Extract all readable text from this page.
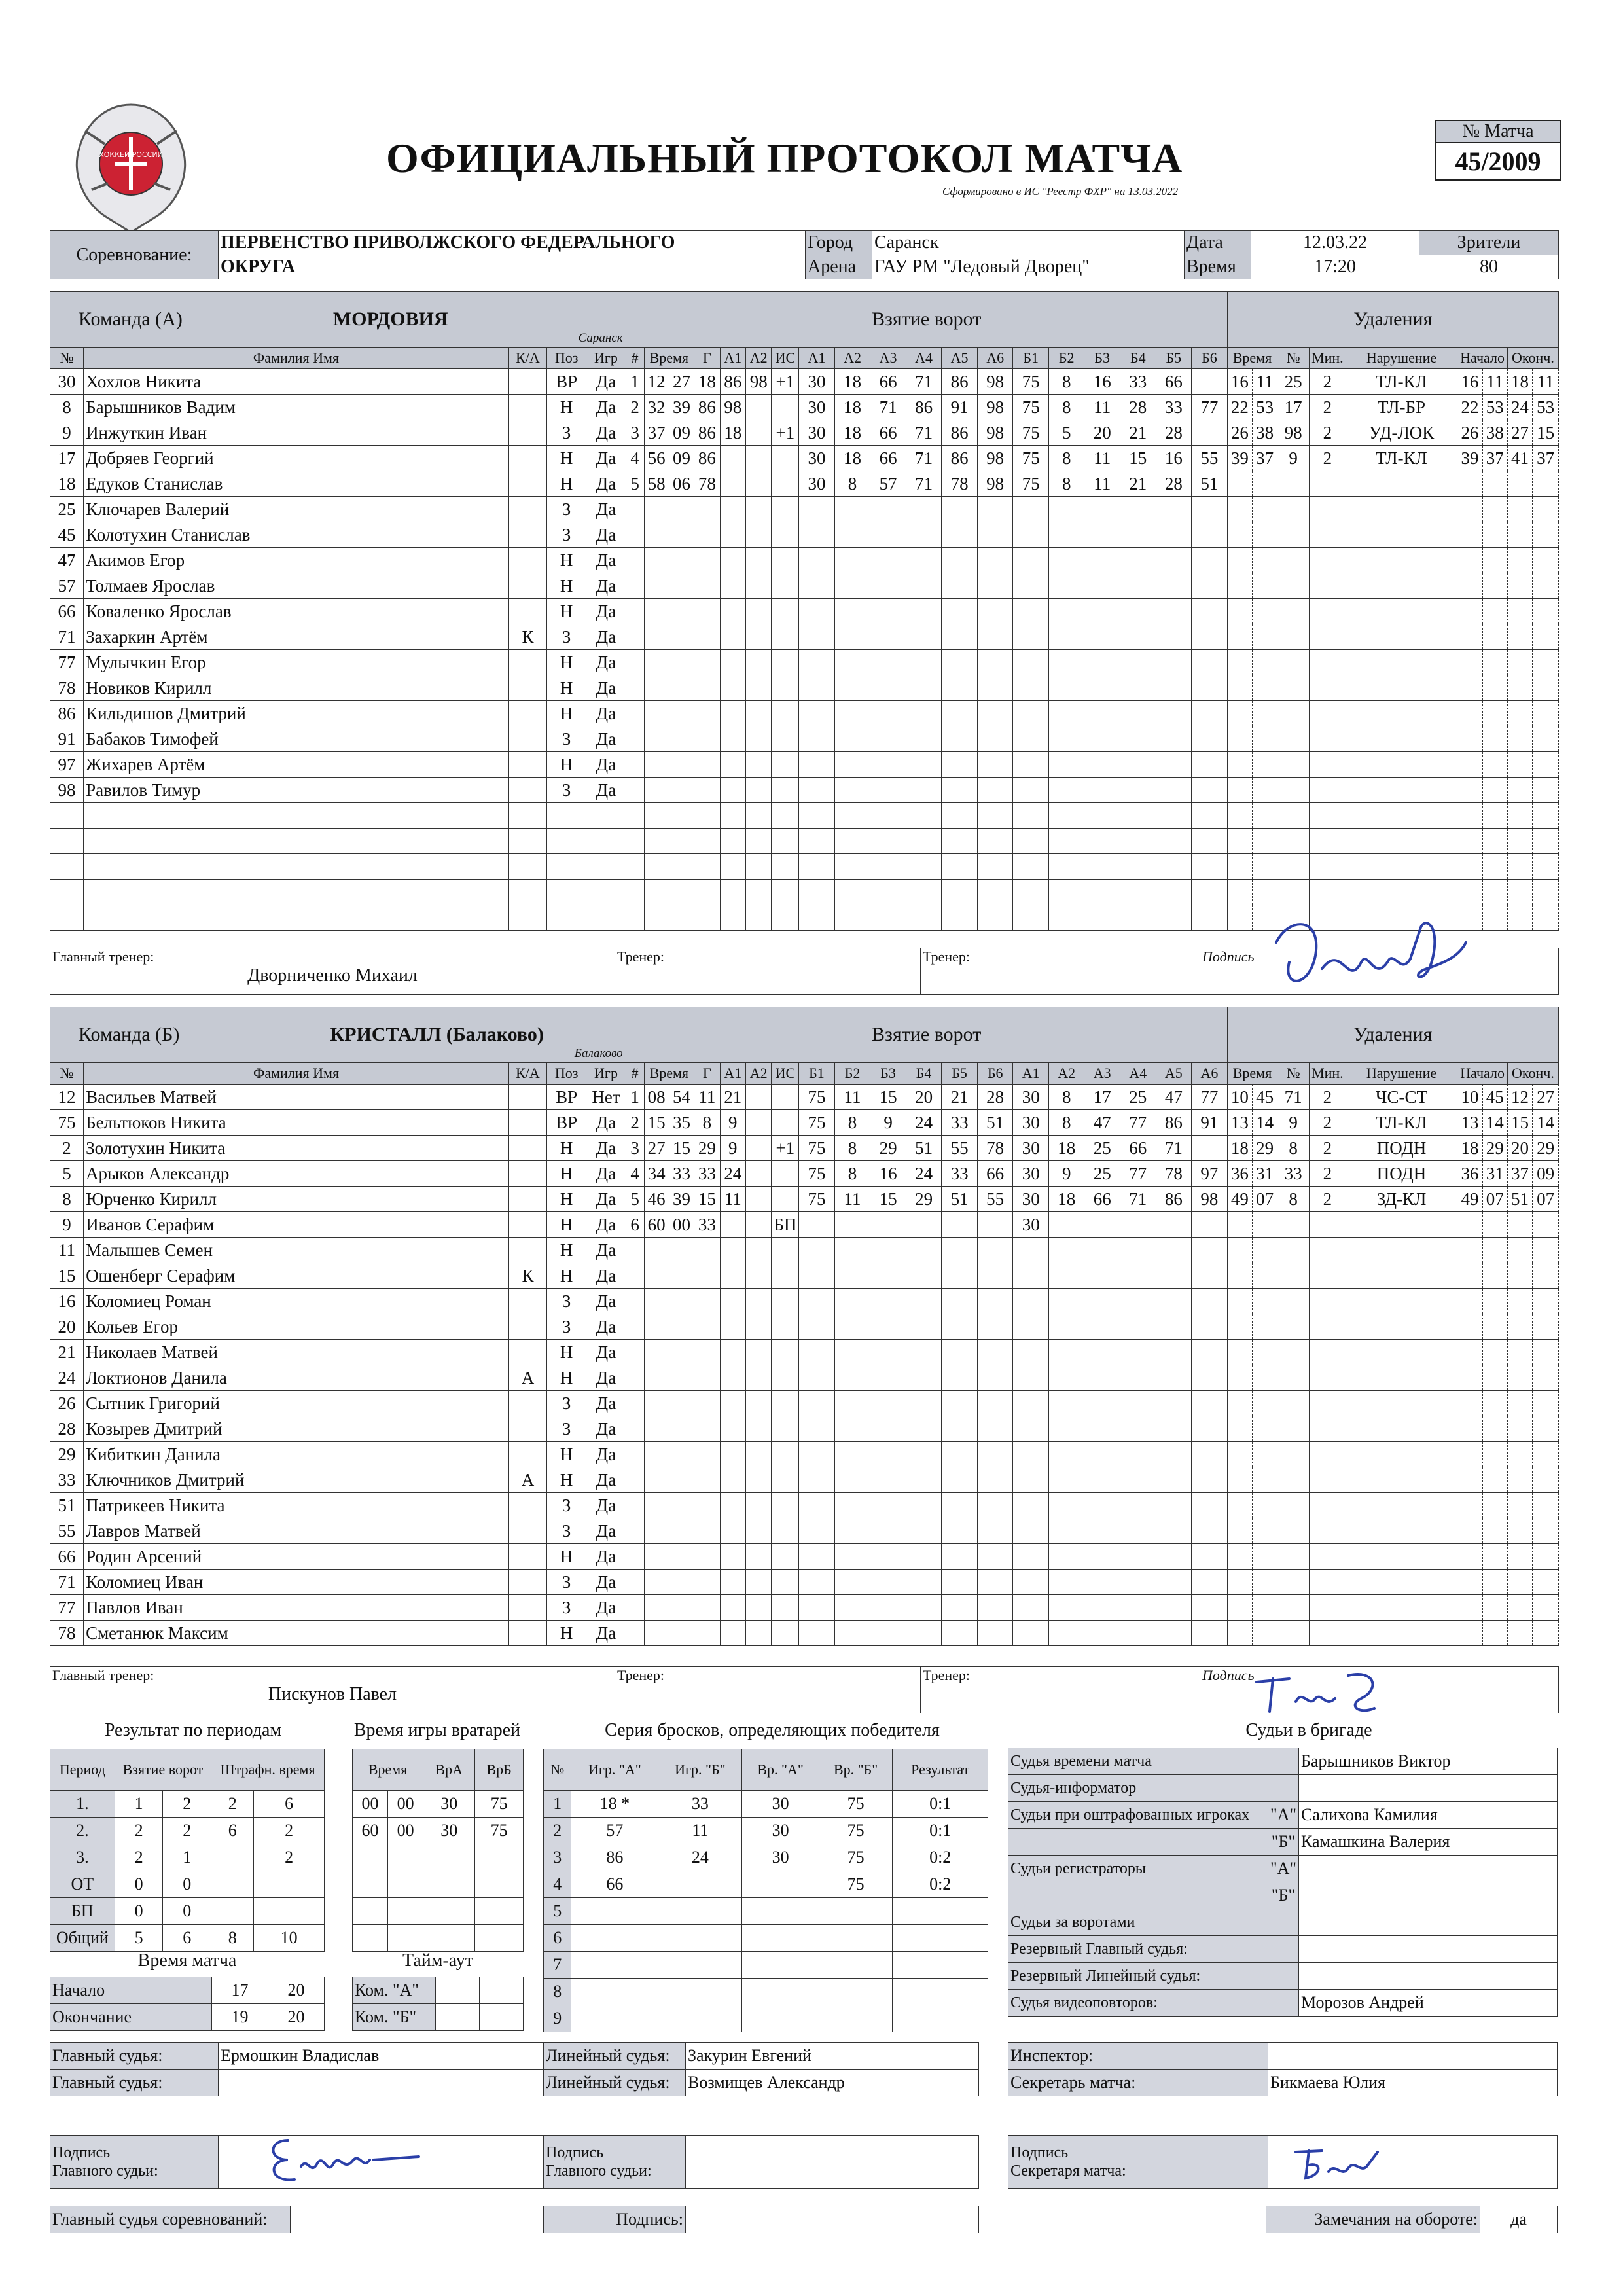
ХОККЕЙ РОССИИ	ОФИЦИАЛЬНЫЙ ПРОТОКОЛ МАТЧА
Сформировано в ИС "Реестр ФХР" на 13.03.2022
№ Матча
45/2009
Соревнование:	ПЕРВЕНСТВО ПРИВОЛЖСКОГО ФЕДЕРАЛЬНОГО	Город	Саранск	Дата	12.03.22	Зрители
	ОКРУГА	Арена	ГАУ РМ "Ледовый Дворец"	Время	17:20	80
Команда (А) МОРДОВИЯ
Саранск					Взятие ворот																			Удаления								
№	Фамилия Имя	К/А	Поз	Игр	#	Время		Г	А1	А2	ИС	А1	А2	А3	А4	А5	А6	Б1	Б2	Б3	Б4	Б5	Б6	Время		№	Мин.	Нарушение	Начало		Оконч.	
30	Хохлов Никита		ВР	Да	1	12	27	18	86	98	+1	30	18	66	71	86	98	75	8	16	33	66		16	11	25	2	ТЛ-КЛ	16	11	18	11
8	Барышников Вадим		Н	Да	2	32	39	86	98			30	18	71	86	91	98	75	8	11	28	33	77	22	53	17	2	ТЛ-БР	22	53	24	53
9	Инжуткин Иван		З	Да	3	37	09	86	18		+1	30	18	66	71	86	98	75	5	20	21	28		26	38	98	2	УД-ЛОК	26	38	27	15
17	Добряев Георгий		Н	Да	4	56	09	86				30	18	66	71	86	98	75	8	11	15	16	55	39	37	9	2	ТЛ-КЛ	39	37	41	37
18	Едуков Станислав		Н	Да	5	58	06	78				30	8	57	71	78	98	75	8	11	21	28	51									
25	Ключарев Валерий		З	Да																												
45	Колотухин Станислав		З	Да																												
47	Акимов Егор		Н	Да																												
57	Толмаев Ярослав		Н	Да																												
66	Коваленко Ярослав		Н	Да																												
71	Захаркин Артём	К	З	Да																												
77	Мулычкин Егор		Н	Да																												
78	Новиков Кирилл		Н	Да																												
86	Кильдишов Дмитрий		Н	Да																												
91	Бабаков Тимофей		З	Да																												
97	Жихарев Артём		Н	Да																												
98	Равилов Тимур		З	Да																												

Главный тренер:
Дворниченко Михаил
	Тренер:	Тренер:	Подпись
Команда (Б) КРИСТАЛЛ (Балаково)
Балаково					Взятие ворот																			Удаления								
№	Фамилия Имя	К/А	Поз	Игр	#	Время		Г	А1	А2	ИС	Б1	Б2	Б3	Б4	Б5	Б6	А1	А2	А3	А4	А5	А6	Время		№	Мин.	Нарушение	Начало		Оконч.	
12	Васильев Матвей		ВР	Нет	1	08	54	11	21			75	11	15	20	21	28	30	8	17	25	47	77	10	45	71	2	ЧС-СТ	10	45	12	27
75	Бельтюков Никита		ВР	Да	2	15	35	8	9			75	8	9	24	33	51	30	8	47	77	86	91	13	14	9	2	ТЛ-КЛ	13	14	15	14
2	Золотухин Никита		Н	Да	3	27	15	29	9		+1	75	8	29	51	55	78	30	18	25	66	71		18	29	8	2	ПОДН	18	29	20	29
5	Арыков Александр		Н	Да	4	34	33	33	24			75	8	16	24	33	66	30	9	25	77	78	97	36	31	33	2	ПОДН	36	31	37	09
8	Юрченко Кирилл		Н	Да	5	46	39	15	11			75	11	15	29	51	55	30	18	66	71	86	98	49	07	8	2	ЗД-КЛ	49	07	51	07
9	Иванов Серафим		Н	Да	6	60	00	33			БП							30														
11	Малышев Семен		Н	Да																												
15	Ошенберг Серафим	К	Н	Да																												
16	Коломиец Роман		З	Да																												
20	Кольев Егор		З	Да																												
21	Николаев Матвей		Н	Да																												
24	Локтионов Данила	А	Н	Да																												
26	Сытник Григорий		З	Да																												
28	Козырев Дмитрий		З	Да																												
29	Кибиткин Данила		Н	Да																												
33	Ключников Дмитрий	А	Н	Да																												
51	Патрикеев Никита		З	Да																												
55	Лавров Матвей		З	Да																												
66	Родин Арсений		Н	Да																												
71	Коломиец Иван		З	Да																												
77	Павлов Иван		З	Да																												
78	Сметанюк Максим		Н	Да																												
Главный тренер:
Пискунов Павел
	Тренер:	Тренер:	Подпись
Результат по периодам
Период	Взятие ворот		Штрафн. время	
1.	1	2	2	6
2.	2	2	6	2
3.	2	1		2
ОТ	0	0		
БП	0	0		
Общий	5	6	8	10
Время игры вратарей
Время		ВрА	ВрБ
00	00	30	75
60	00	30	75

Время матча
Начало	17	20
Окончание	19	20
Тайм-аут
Ком. "А"		
Ком. "Б"		
Серия бросков, определяющих победителя
№	Игр. "А"	Игр. "Б"	Вр. "А"	Вр. "Б"	Результат
1	18 *	33	30	75	0:1
2	57	11	30	75	0:1
3	86	24	30	75	0:2
4	66			75	0:2
5					
6					
7					
8					
9					
Судьи в бригаде
Судья времени матча		Барышников Виктор
Судья-информатор		
Судьи при оштрафованных игроках	"А"	Салихова Камилия
	"Б"	Камашкина Валерия
Судьи регистраторы	"А"	
	"Б"	
Судьи за воротами		
Резервный Главный судья:		
Резервный Линейный судья:		
Судья видеоповторов:		Морозов Андрей
Главный судья:	Ермошкин Владислав	Линейный судья:	Закурин Евгений
Главный судья:		Линейный судья:	Возмищев Александр
Инспектор:	
Секретарь матча:	Бикмаева Юлия
Подпись
Главного судьи:

Подпись
Главного судьи:

Подпись
Секретаря матча:

Главный судья соревнований:		Подпись:		Замечания на обороте:	да
